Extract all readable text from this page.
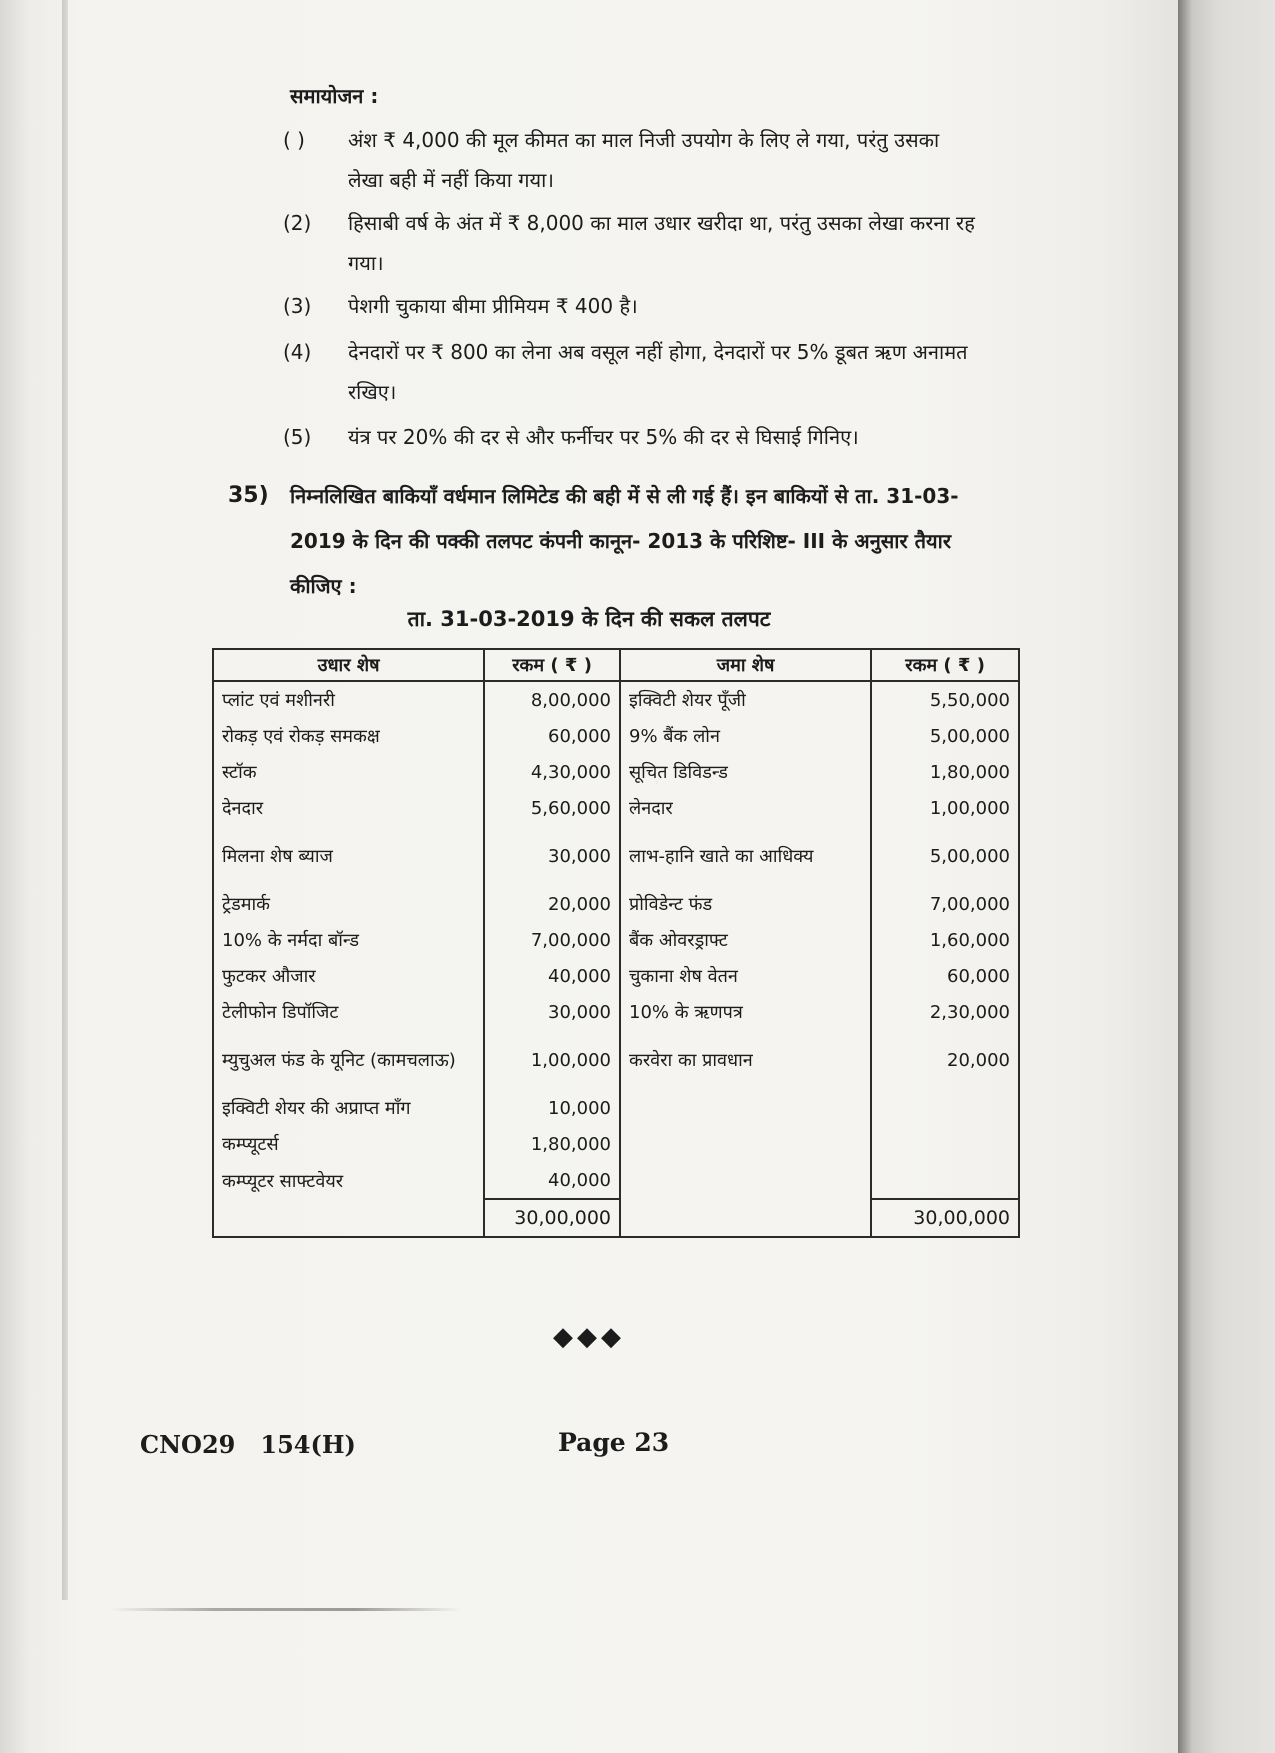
समायोजन :
( )	अंश ₹ 4,000 की मूल कीमत का माल निजी उपयोग के लिए ले गया, परंतु उसका लेखा बही में नहीं किया गया।
(2)	हिसाबी वर्ष के अंत में ₹ 8,000 का माल उधार खरीदा था, परंतु उसका लेखा करना रह गया।
(3)	पेशगी चुकाया बीमा प्रीमियम ₹ 400 है।
(4)	देनदारों पर ₹ 800 का लेना अब वसूल नहीं होगा, देनदारों पर 5% डूबत ऋण अनामत रखिए।
(5)	यंत्र पर 20% की दर से और फर्नीचर पर 5% की दर से घिसाई गिनिए।
35) निम्नलिखित बाकियाँ वर्धमान लिमिटेड की बही में से ली गई हैं। इन बाकियों से ता. 31-03-2019 के दिन की पक्की तलपट कंपनी कानून- 2013 के परिशिष्ट- III के अनुसार तैयार कीजिए :
ता. 31-03-2019 के दिन की सकल तलपट
उधार शेष	रकम ( ₹ )	जमा शेष	रकम ( ₹ )
प्लांट एवं मशीनरी	8,00,000	इक्विटी शेयर पूँजी	5,50,000
रोकड़ एवं रोकड़ समकक्ष	60,000	9% बैंक लोन	5,00,000
स्टॉक	4,30,000	सूचित डिविडन्ड	1,80,000
देनदार	5,60,000	लेनदार	1,00,000
मिलना शेष ब्याज	30,000	लाभ-हानि खाते का आधिक्य	5,00,000
ट्रेडमार्क	20,000	प्रोविडेन्ट फंड	7,00,000
10% के नर्मदा बॉन्ड	7,00,000	बैंक ओवरड्राफ्ट	1,60,000
फुटकर औजार	40,000	चुकाना शेष वेतन	60,000
टेलीफोन डिपॉजिट	30,000	10% के ऋणपत्र	2,30,000
म्युचुअल फंड के यूनिट (कामचलाऊ)	1,00,000	करवेरा का प्रावधान	20,000
इक्विटी शेयर की अप्राप्त माँग	10,000		
कम्प्यूटर्स	1,80,000		
कम्प्यूटर साफ्टवेयर	40,000		
	30,00,000		30,00,000
◆◆◆
CNO29   154(H)	Page 23
